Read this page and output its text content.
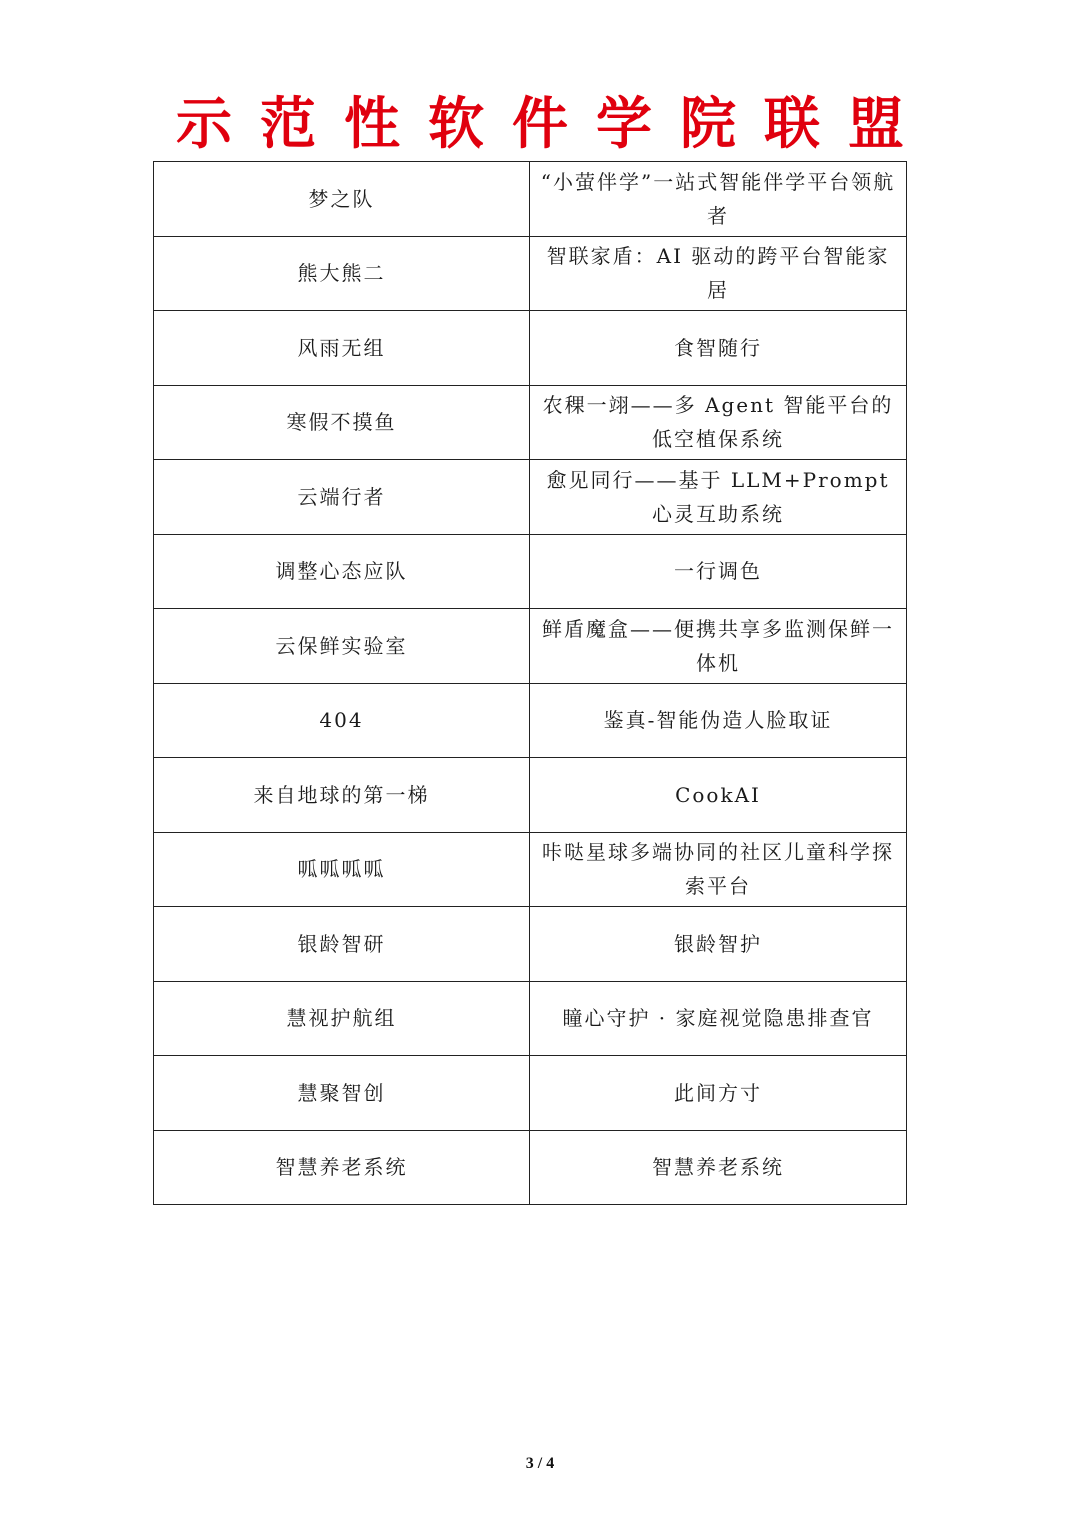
示范性软件学院联盟
梦之队	“小萤伴学”一站式智能伴学平台领航者
熊大熊二	智联家盾：AI 驱动的跨平台智能家居
风雨无组	食智随行
寒假不摸鱼	农稞一翊——多 Agent 智能平台的低空植保系统
云端行者	愈见同行——基于 LLM+Prompt 心灵互助系统
调整心态应队	一行调色
云保鲜实验室	鲜盾魔盒——便携共享多监测保鲜一体机
404	鉴真-智能伪造人脸取证
来自地球的第一梯	CookAI
呱呱呱呱	咔哒星球多端协同的社区儿童科学探索平台
银龄智研	银龄智护
慧视护航组	瞳心守护 · 家庭视觉隐患排查官
慧聚智创	此间方寸
智慧养老系统	智慧养老系统
3 / 4
